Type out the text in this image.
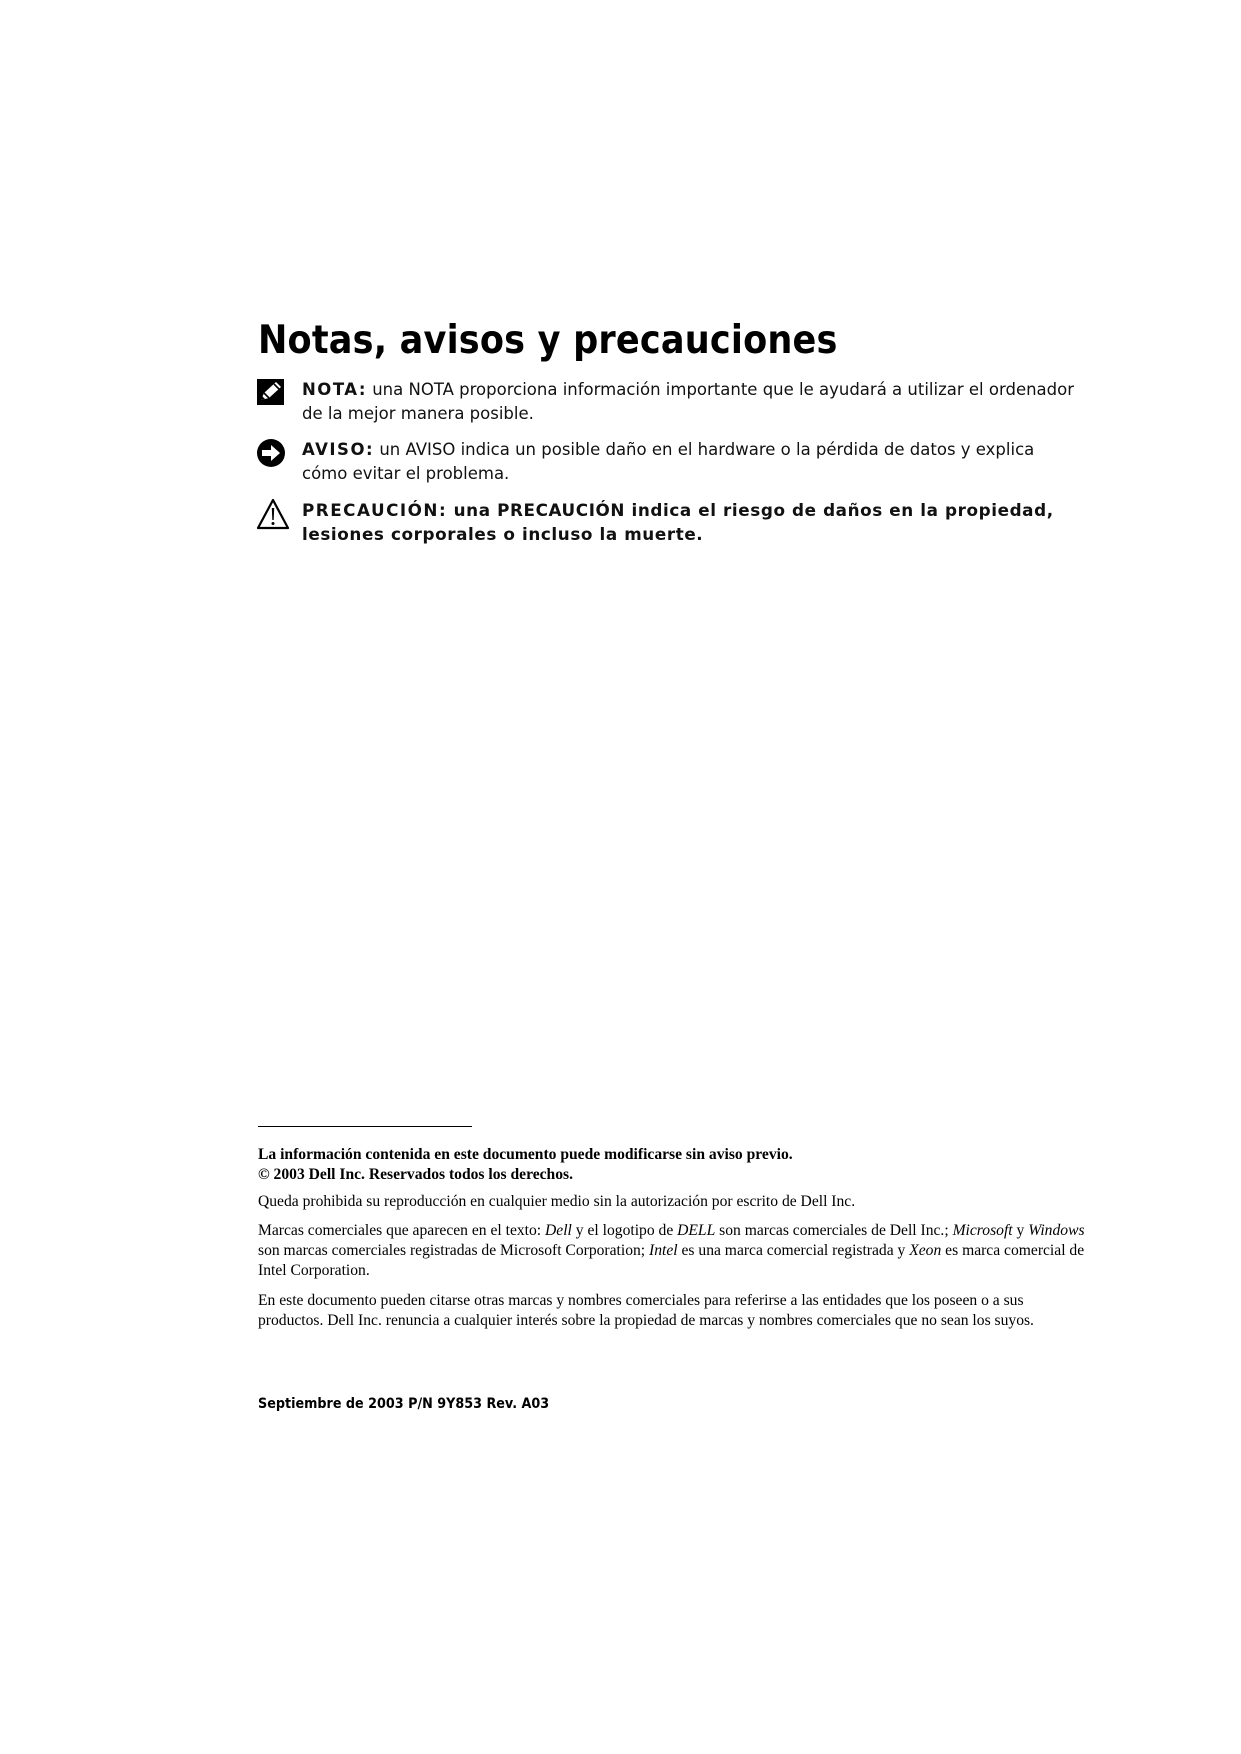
Notas, avisos y precauciones
NOTA: una NOTA proporciona información importante que le ayudará a utilizar el ordenador de la mejor manera posible.
AVISO: un AVISO indica un posible daño en el hardware o la pérdida de datos y explica cómo evitar el problema.
PRECAUCIÓN: una PRECAUCIÓN indica el riesgo de daños en la propiedad, lesiones corporales o incluso la muerte.

La información contenida en este documento puede modificarse sin aviso previo.

© 2003 Dell Inc. Reservados todos los derechos.

Queda prohibida su reproducción en cualquier medio sin la autorización por escrito de Dell Inc.

Marcas comerciales que aparecen en el texto: Dell y el logotipo de DELL son marcas comerciales de Dell Inc.; Microsoft y Windows son marcas comerciales registradas de Microsoft Corporation; Intel es una marca comercial registrada y Xeon es marca comercial de Intel Corporation.

En este documento pueden citarse otras marcas y nombres comerciales para referirse a las entidades que los poseen o a sus productos. Dell Inc. renuncia a cualquier interés sobre la propiedad de marcas y nombres comerciales que no sean los suyos.

Septiembre de 2003 P/N 9Y853 Rev. A03
